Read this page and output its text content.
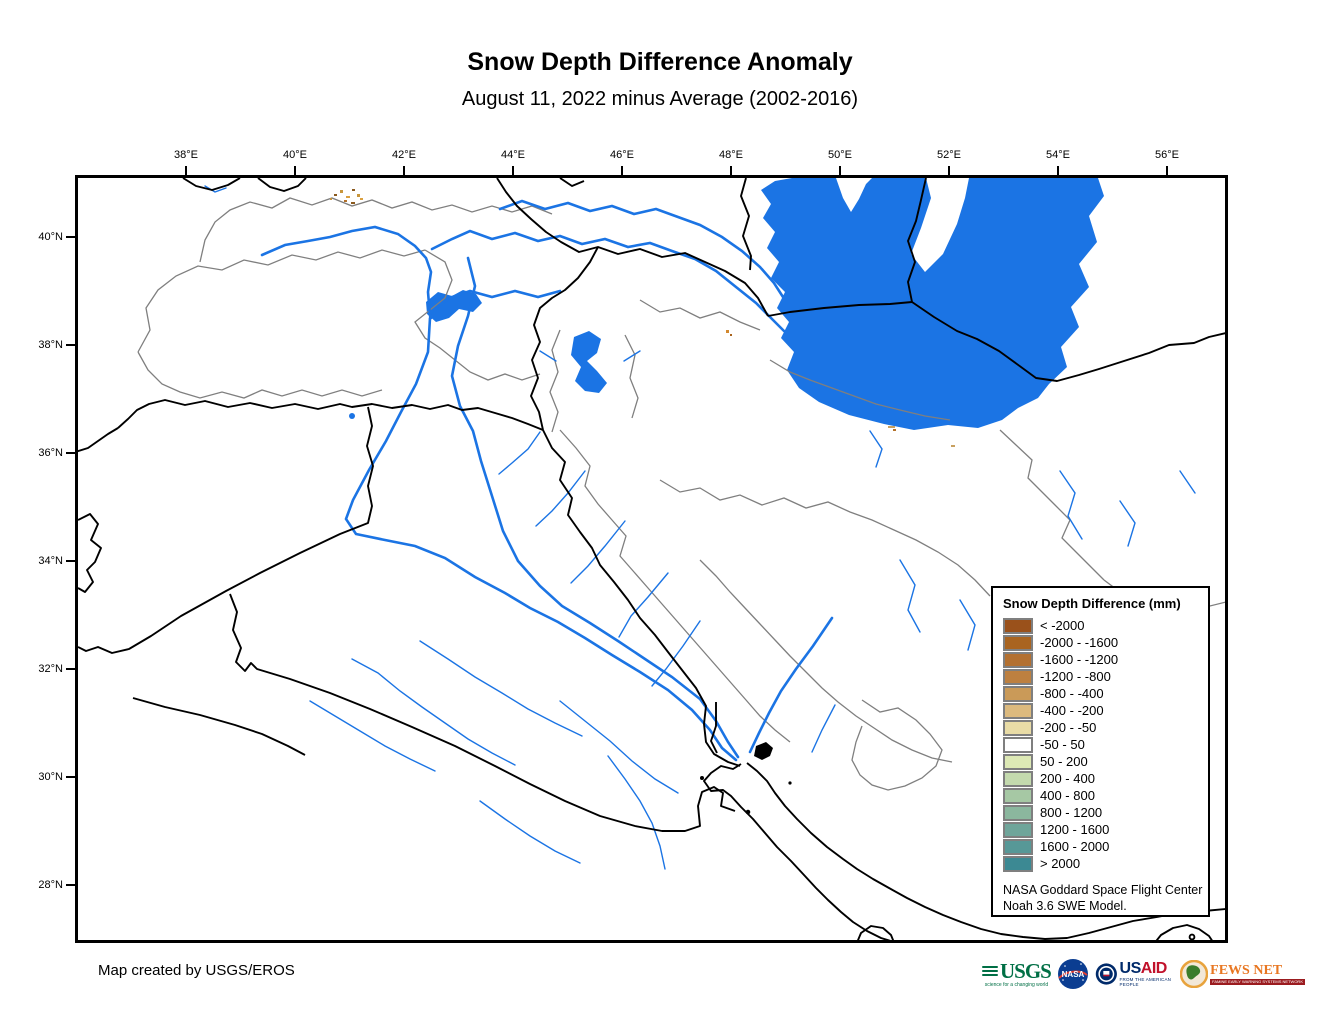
Snow Depth Difference Anomaly
August 11, 2022 minus Average (2002-2016)
38°E	40°E	42°E	44°E	46°E	48°E	50°E	52°E	54°E	56°E
40°N
38°N
36°N
34°N
32°N
30°N
28°N
Snow Depth Difference (mm)
< -2000
-2000 - -1600
-1600 - -1200
-1200 - -800
-800 - -400
-400 - -200
-200 - -50
-50 - 50
50 - 200
200 - 400
400 - 800
800 - 1200
1200 - 1600
1600 - 2000
> 2000
NASA Goddard Space Flight Center
Noah 3.6 SWE Model.
Map created by USGS/EROS	USGS
science for a changing world
NASA USAID
FROM THE AMERICAN PEOPLE
FEWS NET
FAMINE EARLY WARNING SYSTEMS NETWORK
